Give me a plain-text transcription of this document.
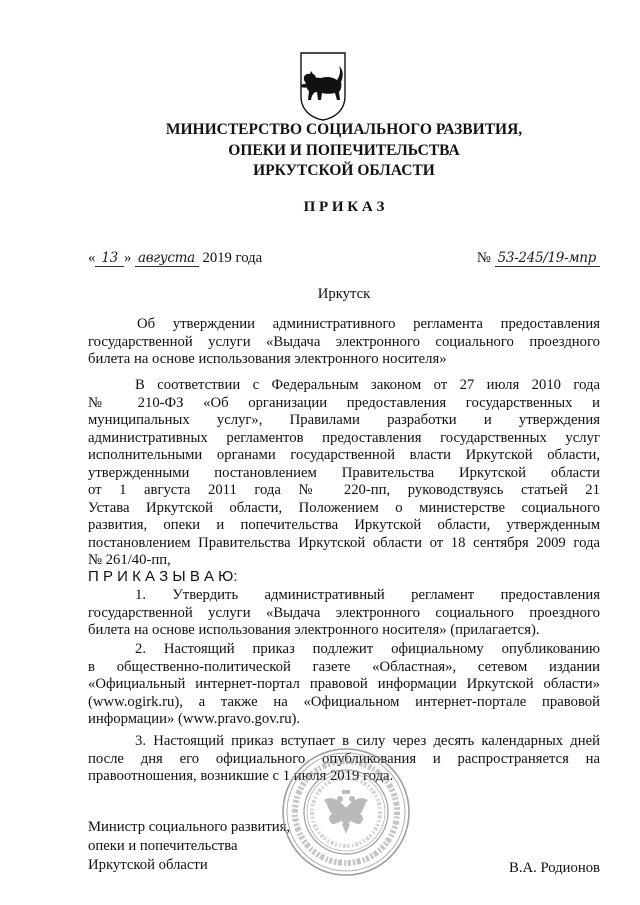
МИНИСТЕРСТВО СОЦИАЛЬНОГО РАЗВИТИЯ,
ОПЕКИ И ПОПЕЧИТЕЛЬСТВА
ИРКУТСКОЙ ОБЛАСТИ
П Р И К А З
« 13 » августа 2019 года	№ 53-245/19-мпр
Иркутск
Об утверждении административного регламента предоставления
государственной услуги «Выдача электронного социального проездного
билета на основе использования электронного носителя»
В соответствии с Федеральным законом от 27 июля 2010 года
№ 210-ФЗ «Об организации предоставления государственных и
муниципальных услуг», Правилами разработки и утверждения
административных регламентов предоставления государственных услуг
исполнительными органами государственной власти Иркутской области,
утвержденными постановлением Правительства Иркутской области
от 1 августа 2011 года № 220-пп, руководствуясь статьей 21
Устава Иркутской области, Положением о министерстве социального
развития, опеки и попечительства Иркутской области, утвержденным
постановлением Правительства Иркутской области от 18 сентября 2009 года
№ 261/40-пп,
П Р И К А З Ы В А Ю:
1. Утвердить административный регламент предоставления
государственной услуги «Выдача электронного социального проездного
билета на основе использования электронного носителя» (прилагается).
2. Настоящий приказ подлежит официальному опубликованию
в общественно-политической газете «Областная», сетевом издании
«Официальный интернет-портал правовой информации Иркутской области»
(www.ogirk.ru), а также на «Официальном интернет-портале правовой
информации» (www.pravo.gov.ru).
3. Настоящий приказ вступает в силу через десять календарных дней
после дня его официального опубликования и распространяется на
правоотношения, возникшие с 1 июля 2019 года.
Министр социального развития,
опеки и попечительства
Иркутской области	В.А. Родионов
